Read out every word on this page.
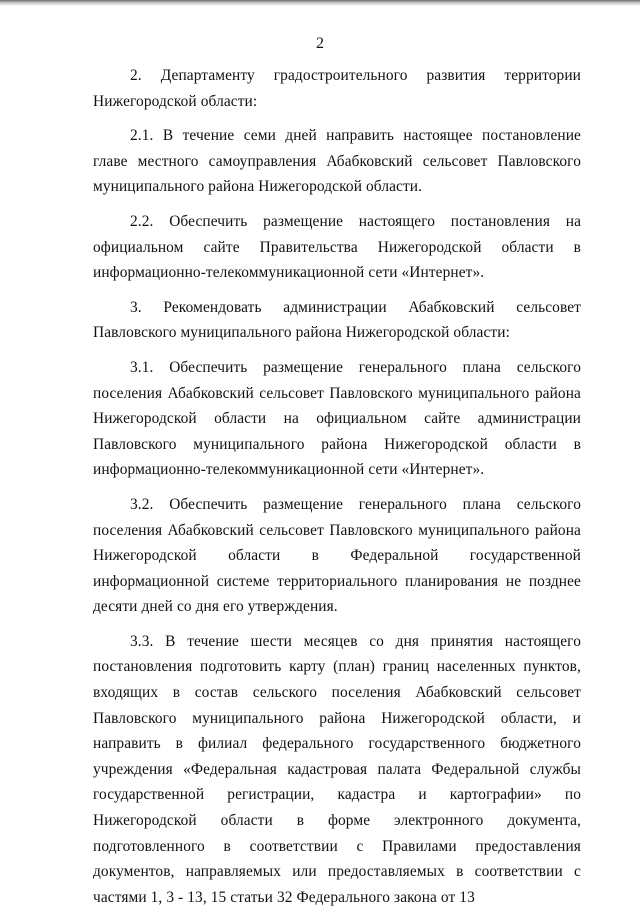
2

2. Департаменту градостроительного развития территории Нижегородской области:

2.1. В течение семи дней направить настоящее постановление главе местного самоуправления Абабковский сельсовет Павловского муниципального района Нижегородской области.

2.2. Обеспечить размещение настоящего постановления на официальном сайте Правительства Нижегородской области в информационно-телекоммуникационной сети «Интернет».

3. Рекомендовать администрации Абабковский сельсовет Павловского муниципального района Нижегородской области:

3.1. Обеспечить размещение генерального плана сельского поселения Абабковский сельсовет Павловского муниципального района Нижегородской области на официальном сайте администрации Павловского муниципального района Нижегородской области в информационно-телекоммуникационной сети «Интернет».

3.2. Обеспечить размещение генерального плана сельского поселения Абабковский сельсовет Павловского муниципального района Нижегородской области в Федеральной государственной информационной системе территориального планирования не позднее десяти дней со дня его утверждения.

3.3. В течение шести месяцев со дня принятия настоящего постановления подготовить карту (план) границ населенных пунктов, входящих в состав сельского поселения Абабковский сельсовет Павловского муниципального района Нижегородской области, и направить в филиал федерального государственного бюджетного учреждения «Федеральная кадастровая палата Федеральной службы государственной регистрации, кадастра и картографии» по Нижегородской области в форме электронного документа, подготовленного в соответствии с Правилами предоставления документов, направляемых или предоставляемых в соответствии с частями 1, 3 - 13, 15 статьи 32 Федерального закона от 13
